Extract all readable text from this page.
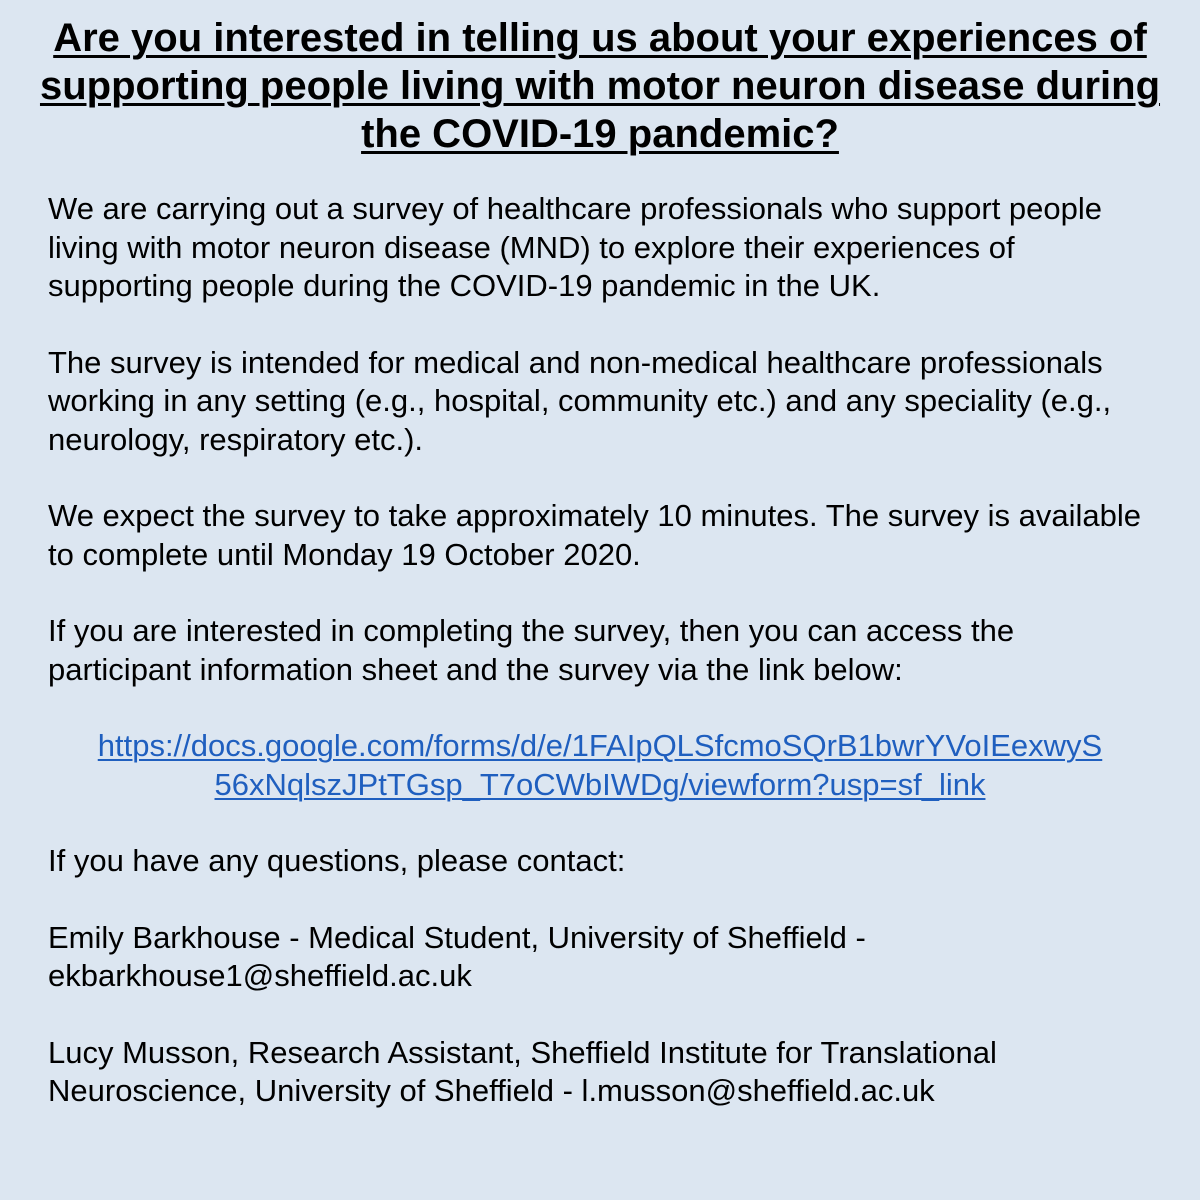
Are you interested in telling us about your experiences of supporting people living with motor neuron disease during the COVID-19 pandemic?

We are carrying out a survey of healthcare professionals who support people living with motor neuron disease (MND) to explore their experiences of supporting people during the COVID-19 pandemic in the UK.

The survey is intended for medical and non-medical healthcare professionals working in any setting (e.g., hospital, community etc.) and any speciality (e.g., neurology, respiratory etc.).

We expect the survey to take approximately 10 minutes. The survey is available to complete until Monday 19 October 2020.

If you are interested in completing the survey, then you can access the participant information sheet and the survey via the link below:

https://docs.google.com/forms/d/e/1FAIpQLSfcmoSQrB1bwrYVoIEexwyS
56xNqlszJPtTGsp_T7oCWbIWDg/viewform?usp=sf_link

If you have any questions, please contact:

Emily Barkhouse - Medical Student, University of Sheffield -
ekbarkhouse1@sheffield.ac.uk

Lucy Musson, Research Assistant, Sheffield Institute for Translational
Neuroscience, University of Sheffield - l.musson@sheffield.ac.uk
